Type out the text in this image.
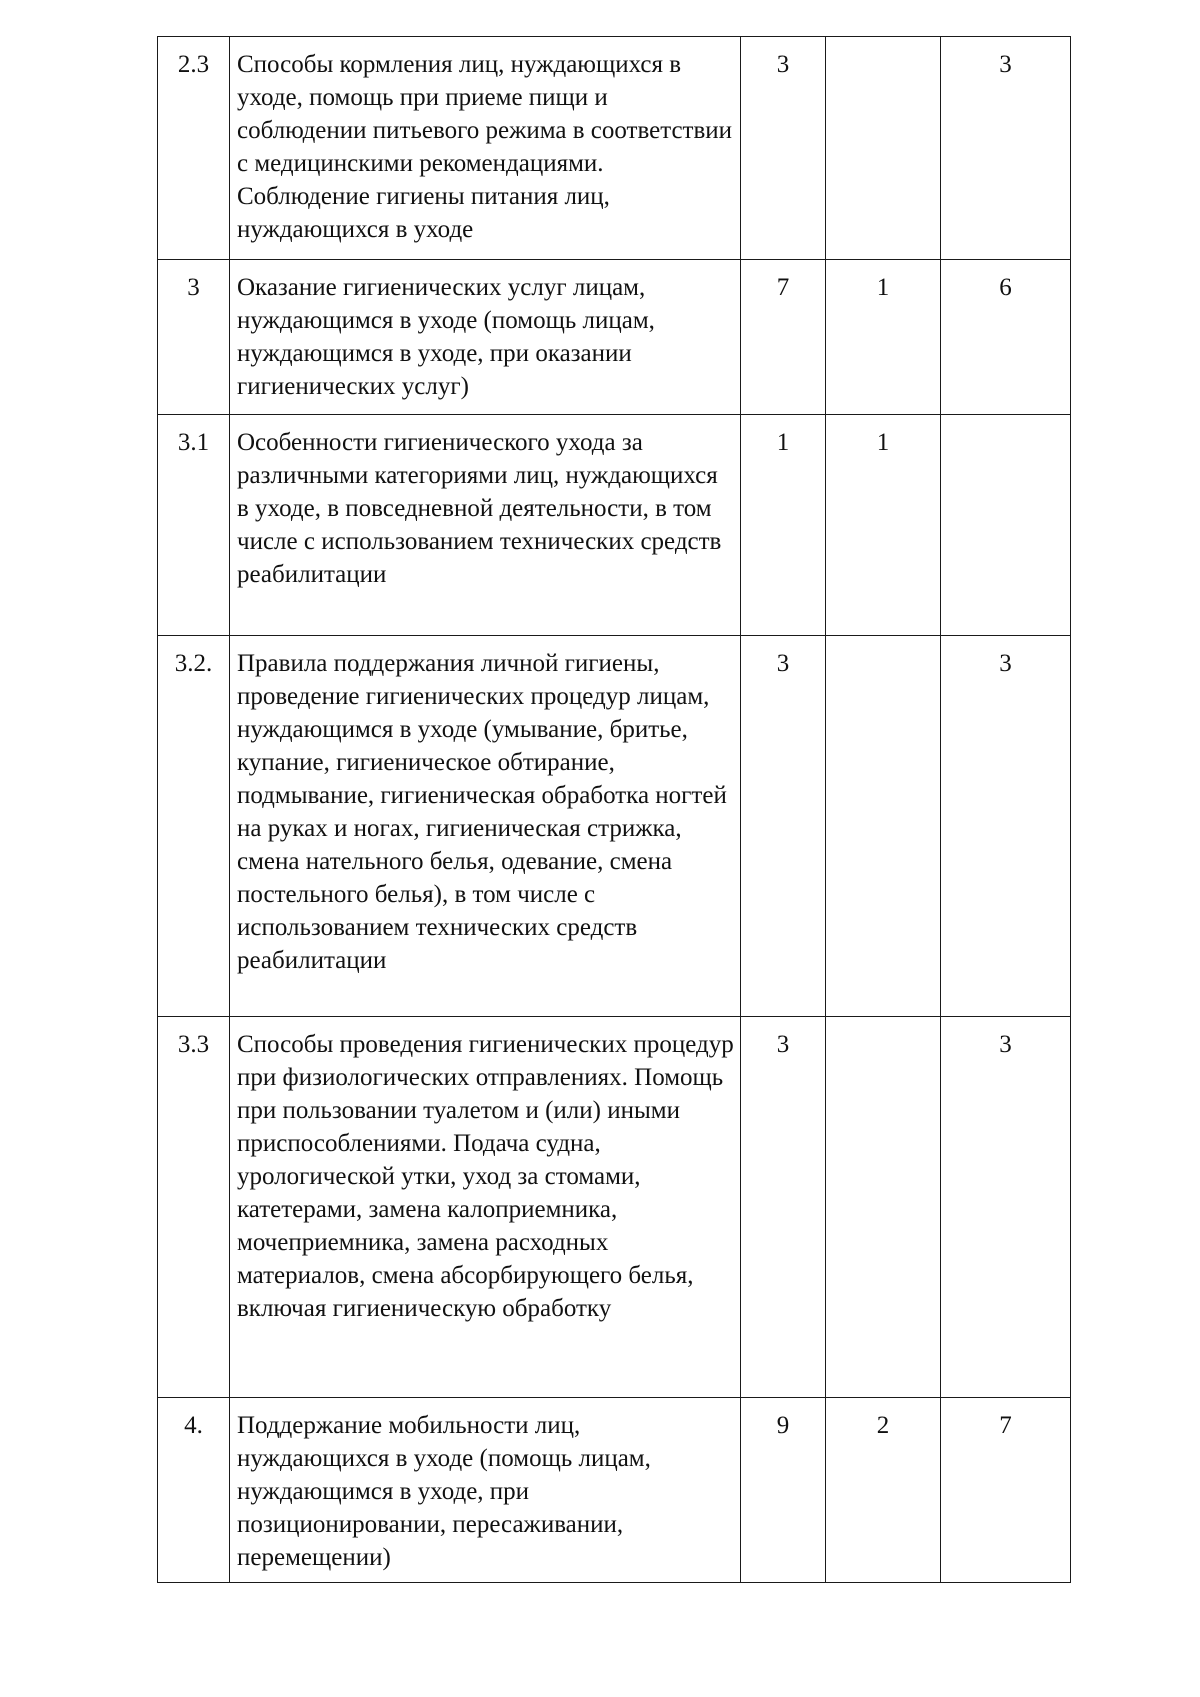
2.3	Способы кормления лиц, нуждающихся в уходе, помощь при приеме пищи и соблюдении питьевого режима в соответствии с медицинскими рекомендациями. Соблюдение гигиены питания лиц, нуждающихся в уходе	3		3
3	Оказание гигиенических услуг лицам, нуждающимся в уходе (помощь лицам, нуждающимся в уходе, при оказании гигиенических услуг)	7	1	6
3.1	Особенности гигиенического ухода за различными категориями лиц, нуждающихся в уходе, в повседневной деятельности, в том числе с использованием технических средств реабилитации	1	1	
3.2.	Правила поддержания личной гигиены, проведение гигиенических процедур лицам, нуждающимся в уходе (умывание, бритье, купание, гигиеническое обтирание, подмывание, гигиеническая обработка ногтей на руках и ногах, гигиеническая стрижка, смена нательного белья, одевание, смена постельного белья), в том числе с использованием технических средств реабилитации	3		3
3.3	Способы проведения гигиенических процедур при физиологических отправлениях. Помощь при пользовании туалетом и (или) иными приспособлениями. Подача судна, урологической утки, уход за стомами, катетерами, замена калоприемника, мочеприемника, замена расходных материалов, смена абсорбирующего белья, включая гигиеническую обработку	3		3
4.	Поддержание мобильности лиц, нуждающихся в уходе (помощь лицам, нуждающимся в уходе, при позиционировании, пересаживании, перемещении)	9	2	7
